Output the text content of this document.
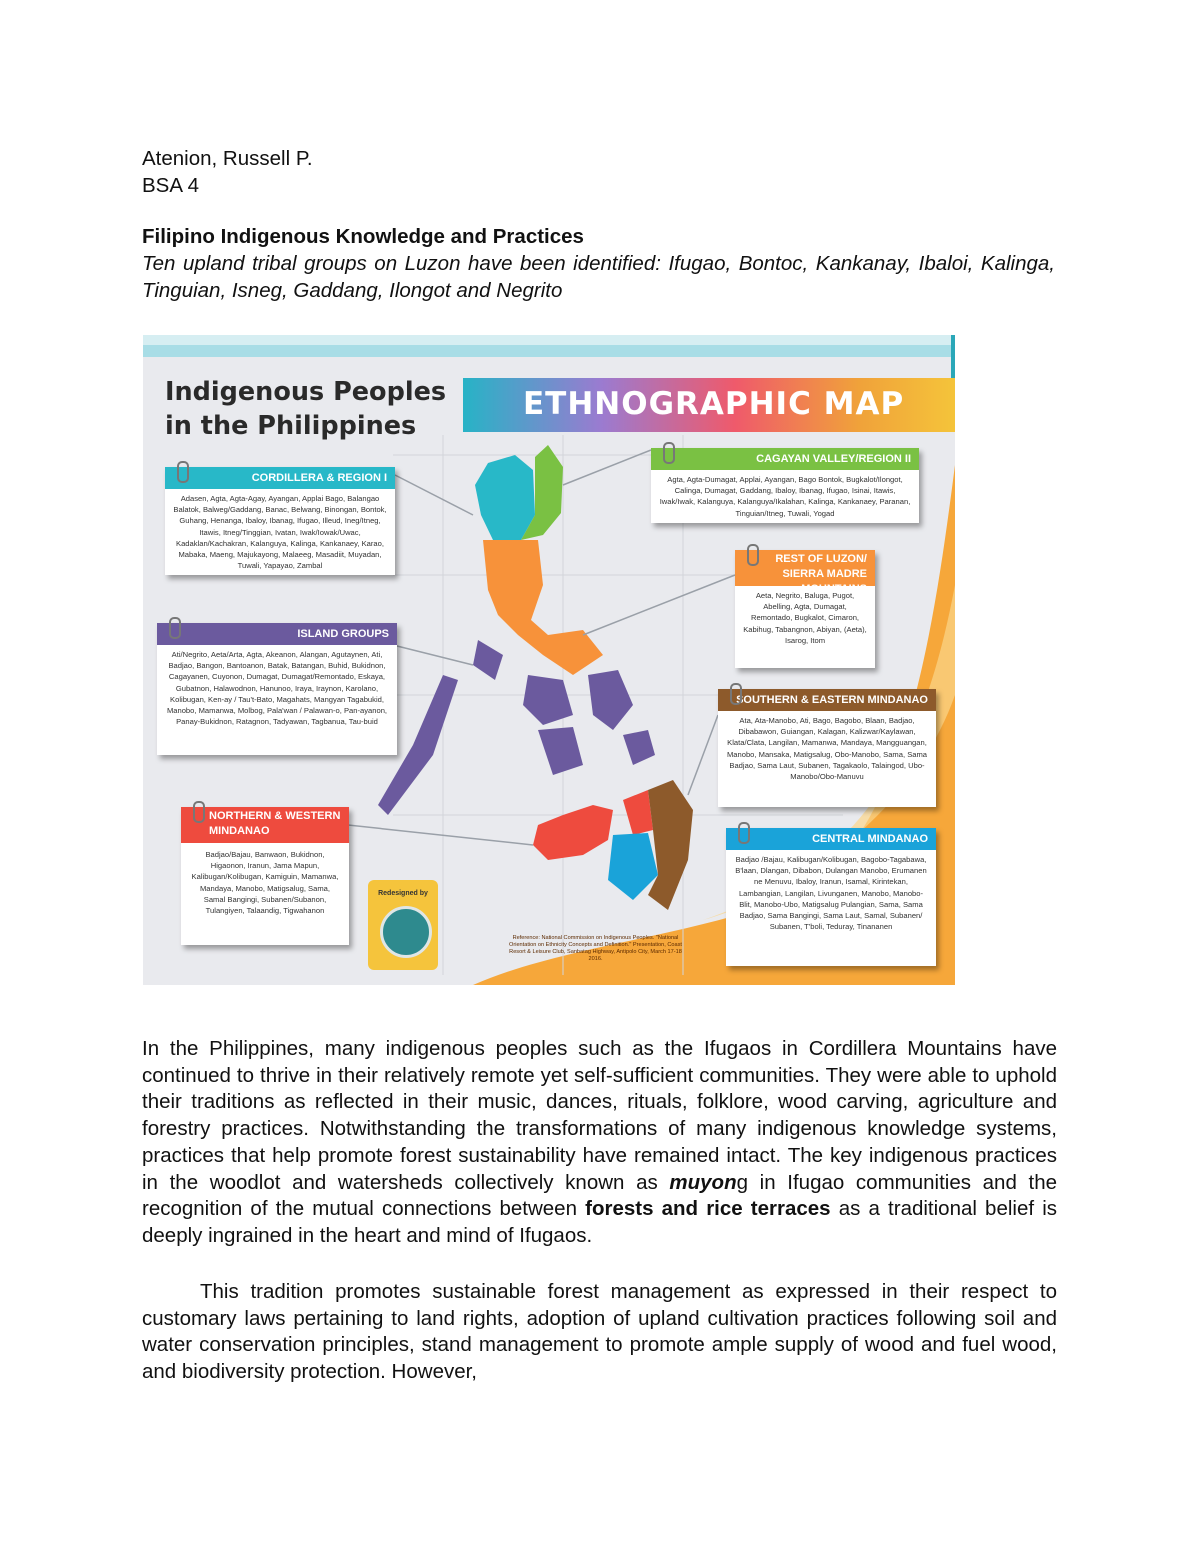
Atenion, Russell P.
BSA 4
Filipino Indigenous Knowledge and Practices
Ten upland tribal groups on Luzon have been identified: Ifugao, Bontoc, Kankanay, Ibaloi, Kalinga, Tinguian, Isneg, Gaddang, Ilongot and Negrito
Indigenous Peoples
in the Philippines
ETHNOGRAPHIC MAP
CORDILLERA & REGION I
Adasen, Agta, Agta-Agay, Ayangan, Applai Bago, Balangao Balatok, Balweg/Gaddang, Banac, Belwang, Binongan, Bontok, Guhang, Henanga, Ibaloy, Ibanag, Ifugao, Illeud, Ineg/Itneg, Itawis, Itneg/Tinggian, Ivatan, Iwak/Iowak/Uwac, Kadaklan/Kachakran, Kalanguya, Kalinga, Kankanaey, Karao, Mabaka, Maeng, Majukayong, Malaeeg, Masadiit, Muyadan, Tuwali, Yapayao, Zambal
CAGAYAN VALLEY/REGION II
Agta, Agta-Dumagat, Applai, Ayangan, Bago Bontok, Bugkalot/Ilongot, Calinga, Dumagat, Gaddang, Ibaloy, Ibanag, Ifugao, Isinai, Itawis, Iwak/Iwak, Kalanguya, Kalanguya/Ikalahan, Kalinga, Kankanaey, Paranan, Tinguian/Itneg, Tuwali, Yogad
REST OF LUZON/ SIERRA MADRE MOUNTAINS
Aeta, Negrito, Baluga, Pugot, Abelling, Agta, Dumagat, Remontado, Bugkalot, Cimaron, Kabihug, Tabangnon, Abiyan, (Aeta), Isarog, Itom
ISLAND GROUPS
Ati/Negrito, Aeta/Arta, Agta, Akeanon, Alangan, Agutaynen, Ati, Badjao, Bangon, Bantoanon, Batak, Batangan, Buhid, Bukidnon, Cagayanen, Cuyonon, Dumagat, Dumagat/Remontado, Eskaya, Gubatnon, Halawodnon, Hanunoo, Iraya, Iraynon, Karolano, Kolibugan, Ken-ay / Tau't-Bato, Magahats, Mangyan Tagabukid, Manobo, Mamanwa, Molbog, Pala'wan / Palawan-o, Pan-ayanon, Panay-Bukidnon, Ratagnon, Tadyawan, Tagbanua, Tau-buid
SOUTHERN & EASTERN MINDANAO
Ata, Ata-Manobo, Ati, Bago, Bagobo, Blaan, Badjao, Dibabawon, Guiangan, Kalagan, Kalizwar/Kaylawan, Klata/Clata, Langilan, Mamanwa, Mandaya, Mangguangan, Manobo, Mansaka, Matigsalug, Obo-Manobo, Sama, Sama Badjao, Sama Laut, Subanen, Tagakaolo, Talaingod, Ubo-Manobo/Obo-Manuvu
NORTHERN & WESTERN MINDANAO
Badjao/Bajau, Banwaon, Bukidnon, Higaonon, Iranun, Jama Mapun, Kalibugan/Kolibugan, Kamiguin, Mamanwa, Mandaya, Manobo, Matigsalug, Sama, Samal Bangingi, Subanen/Subanon, Tulangiyen, Talaandig, Tigwahanon
CENTRAL MINDANAO
Badjao /Bajau, Kalibugan/Kolibugan, Bagobo-Tagabawa, B'laan, Dlangan, Dibabon, Dulangan Manobo, Erumanen ne Menuvu, Ibaloy, Iranun, Isamal, Kirintekan, Lambangian, Langilan, Livunganen, Manobo, Manobo-Blit, Manobo-Ubo, Matigsalug Pulangian, Sama, Sama Badjao, Sama Bangingi, Sama Laut, Samal, Subanen/ Subanen, T'boli, Teduray, Tinananen
Redesigned by
Reference: National Commission on Indigenous Peoples. "National Orientation on Ethnicity Concepts and Definition." Presentation, Coast Resort & Leisure Club, Sanbatag Highway, Antipolo City, March 17-18 2016.
In the Philippines, many indigenous peoples such as the Ifugaos in Cordillera Mountains have continued to thrive in their relatively remote yet self-sufficient communities. They were able to uphold their traditions as reflected in their music, dances, rituals, folklore, wood carving, agriculture and forestry practices. Notwithstanding the transformations of many indigenous knowledge systems, practices that help promote forest sustainability have remained intact. The key indigenous practices in the woodlot and watersheds collectively known as muyong in Ifugao communities and the recognition of the mutual connections between forests and rice terraces as a traditional belief is deeply ingrained in the heart and mind of Ifugaos.
This tradition promotes sustainable forest management as expressed in their respect to customary laws pertaining to land rights, adoption of upland cultivation practices following soil and water conservation principles, stand management to promote ample supply of wood and fuel wood, and biodiversity protection. However,
